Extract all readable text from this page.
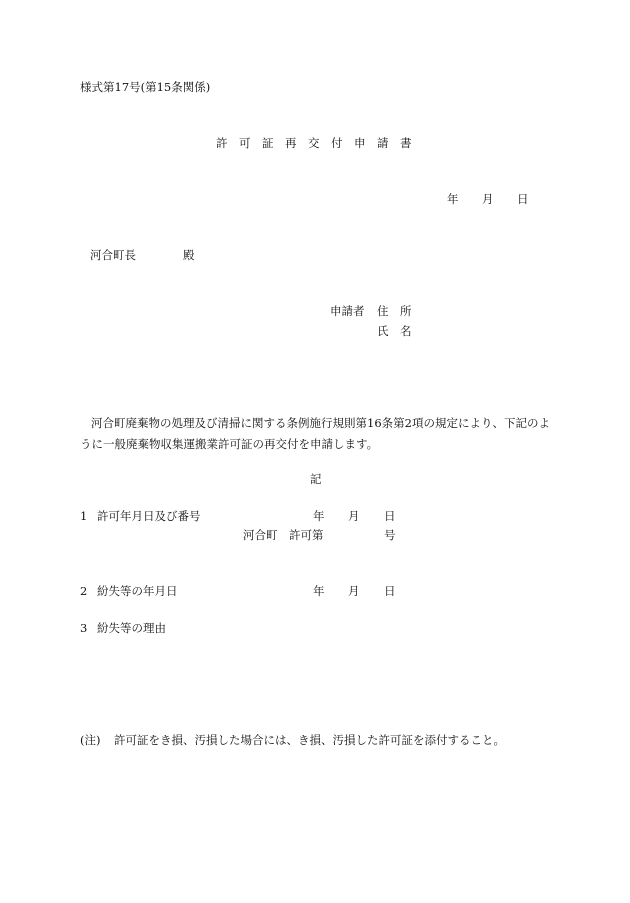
様式第17号(第15条関係)
許　可　証　再　交　付　申　請　書
年 月 日
河合町長	殿
申請者 住　所
氏　名

河合町廃棄物の処理及び清掃に関する条例施行規則第16条第2項の規定により、下記のよ

うに一般廃棄物収集運搬業許可証の再交付を申請します。

記
1 許可年月日及び番号	年 月 日
河合町 許可第	号
2 紛失等の年月日	年 月 日
3 紛失等の理由
(注) 許可証をき損、汚損した場合には、き損、汚損した許可証を添付すること。
